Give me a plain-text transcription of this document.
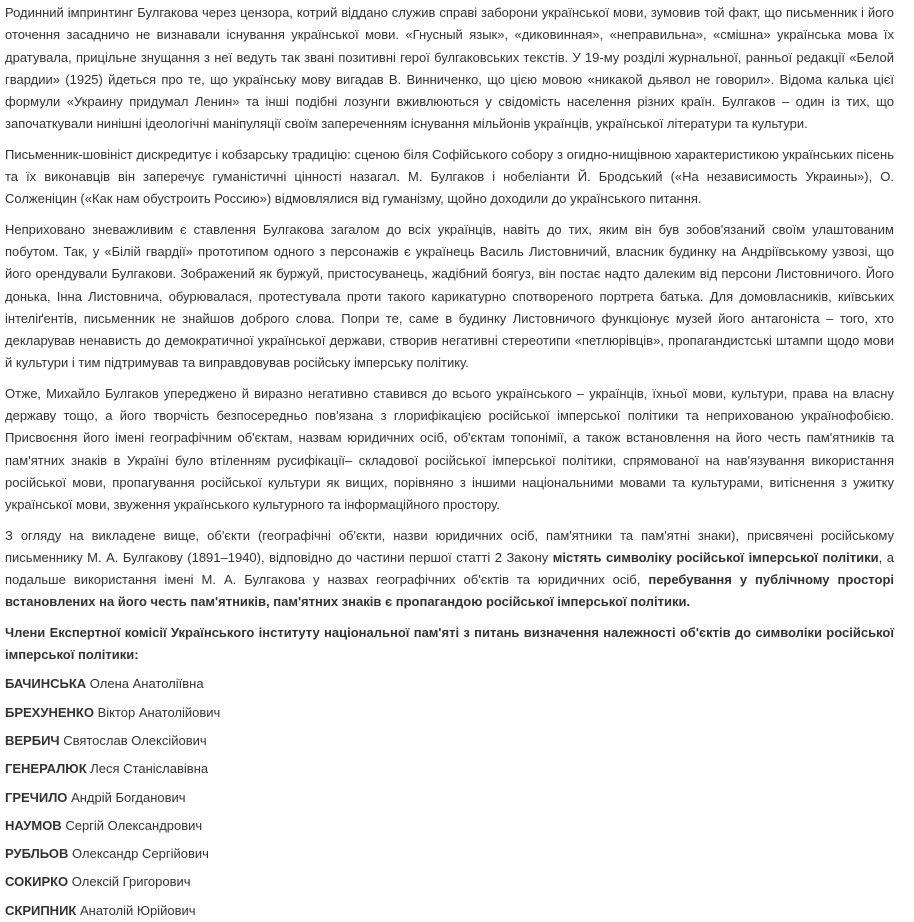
Родинний імпринтинг Булгакова через цензора, котрий віддано служив справі заборони української мови, зумовив той факт, що письменник і його оточення засадничо не визнавали існування української мови. «Гнусный язык», «диковинная», «неправильна», «смішна» українська мова їх дратувала, прицільне знущання з неї ведуть так звані позитивні герої булгаковських текстів. У 19-му розділі журнальної, ранньої редакції «Белой гвардии» (1925) йдеться про те, що українську мову вигадав В. Винниченко, що цією мовою «никакой дьявол не говорил». Відома калька цієї формули «Украину придумал Ленин» та інші подібні лозунги вживлюються у свідомість населення різних країн. Булгаков – один із тих, що започаткували нинішні ідеологічні маніпуляції своїм запереченням існування мільйонів українців, української літератури та культури.

Письменник-шовініст дискредитує і кобзарську традицію: сценою біля Софійського собору з огидно-нищівною характеристикою українських пісень та їх виконавців він заперечує гуманістичні цінності назагал. М. Булгаков і нобеліанти Й. Бродський («На независимость Украины»), О. Солженіцин («Как нам обустроить Россию») відмовлялися від гуманізму, щойно доходили до українського питання.

Неприховано зневажливим є ставлення Булгакова загалом до всіх українців, навіть до тих, яким він був зобов'язаний своїм улаштованим побутом. Так, у «Білій гвардії» прототипом одного з персонажів є українець Василь Листовничий, власник будинку на Андріївському узвозі, що його орендували Булгакови. Зображений як буржуй, пристосуванець, жадібний боягуз, він постає надто далеким від персони Листовничого. Його донька, Інна Листовнича, обурювалася, протестувала проти такого карикатурно спотвореного портрета батька. Для домовласників, київських інтеліґентів, письменник не знайшов доброго слова. Попри те, саме в будинку Листовничого функціонує музей його антагоніста – того, хто декларував ненависть до демократичної української держави, створив негативні стереотипи «петлюрівців», пропагандистські штампи щодо мови й культури і тим підтримував та виправдовував російську імперську політику.

Отже, Михайло Булгаков упереджено й виразно негативно ставився до всього українського – українців, їхньої мови, культури, права на власну державу тощо, а його творчість безпосередньо пов'язана з глорифікацією російської імперської політики та неприхованою українофобією. Присвоєння його імені географічним об'єктам, назвам юридичних осіб, об'єктам топонімії, а також встановлення на його честь пам'ятників та пам'ятних знаків в Україні було втіленням русифікації– складової російської імперської політики, спрямованої на нав'язування використання російської мови, пропагування російської культури як вищих, порівняно з іншими національними мовами та культурами, витіснення з ужитку української мови, звуження українського культурного та інформаційного простору.

З огляду на викладене вище, об'єкти (географічні об'єкти, назви юридичних осіб, пам'ятники та пам'ятні знаки), присвячені російському письменнику М. А. Булгакову (1891–1940), відповідно до частини першої статті 2 Закону містять символіку російської імперської політики, а подальше використання імені М. А. Булгакова у назвах географічних об'єктів та юридичних осіб, перебування у публічному просторі встановлених на його честь пам'ятників, пам'ятних знаків є пропагандою російської імперської політики.

Члени Експертної комісії Українського інституту національної пам'яті з питань визначення належності об'єктів до символіки російської імперської політики:

БАЧИНСЬКА Олена Анатоліївна

БРЕХУНЕНКО Віктор Анатолійович

ВЕРБИЧ Святослав Олексійович

ГЕНЕРАЛЮК Леся Станіславівна

ГРЕЧИЛО Андрій Богданович

НАУМОВ Сергій Олександрович

РУБЛЬОВ Олександр Сергійович

СОКИРКО Олексій Григорович

СКРИПНИК Анатолій Юрійович
